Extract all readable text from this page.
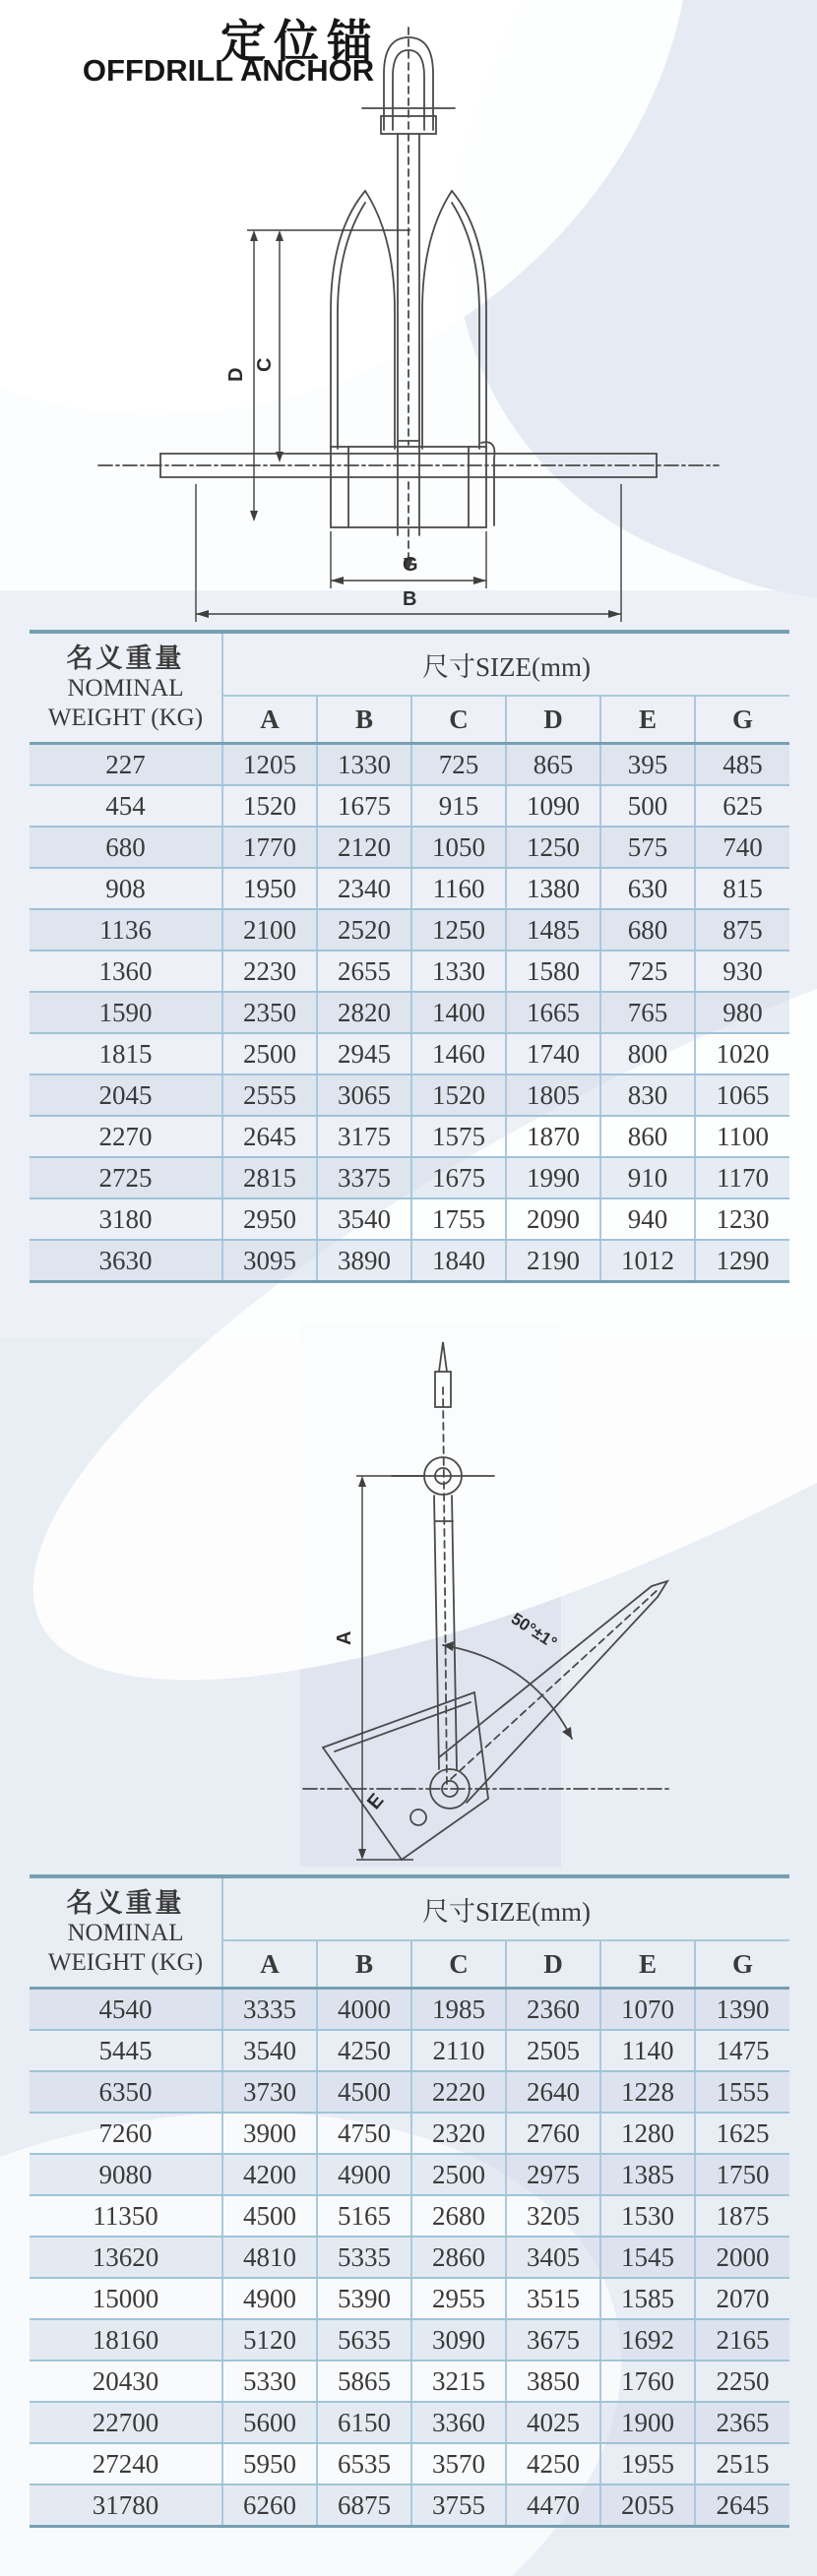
定位锚
OFFDRILL ANCHOR
D
C
G
B
名义重量
NOMINAL
WEIGHT (KG)	尺寸SIZE(mm)					
	A	B	C	D	E	G
227	1205	1330	725	865	395	485
454	1520	1675	915	1090	500	625
680	1770	2120	1050	1250	575	740
908	1950	2340	1160	1380	630	815
1136	2100	2520	1250	1485	680	875
1360	2230	2655	1330	1580	725	930
1590	2350	2820	1400	1665	765	980
1815	2500	2945	1460	1740	800	1020
2045	2555	3065	1520	1805	830	1065
2270	2645	3175	1575	1870	860	1100
2725	2815	3375	1675	1990	910	1170
3180	2950	3540	1755	2090	940	1230
3630	3095	3890	1840	2190	1012	1290
A
E
50°±1°
名义重量
NOMINAL
WEIGHT (KG)	尺寸SIZE(mm)					
	A	B	C	D	E	G
4540	3335	4000	1985	2360	1070	1390
5445	3540	4250	2110	2505	1140	1475
6350	3730	4500	2220	2640	1228	1555
7260	3900	4750	2320	2760	1280	1625
9080	4200	4900	2500	2975	1385	1750
11350	4500	5165	2680	3205	1530	1875
13620	4810	5335	2860	3405	1545	2000
15000	4900	5390	2955	3515	1585	2070
18160	5120	5635	3090	3675	1692	2165
20430	5330	5865	3215	3850	1760	2250
22700	5600	6150	3360	4025	1900	2365
27240	5950	6535	3570	4250	1955	2515
31780	6260	6875	3755	4470	2055	2645
